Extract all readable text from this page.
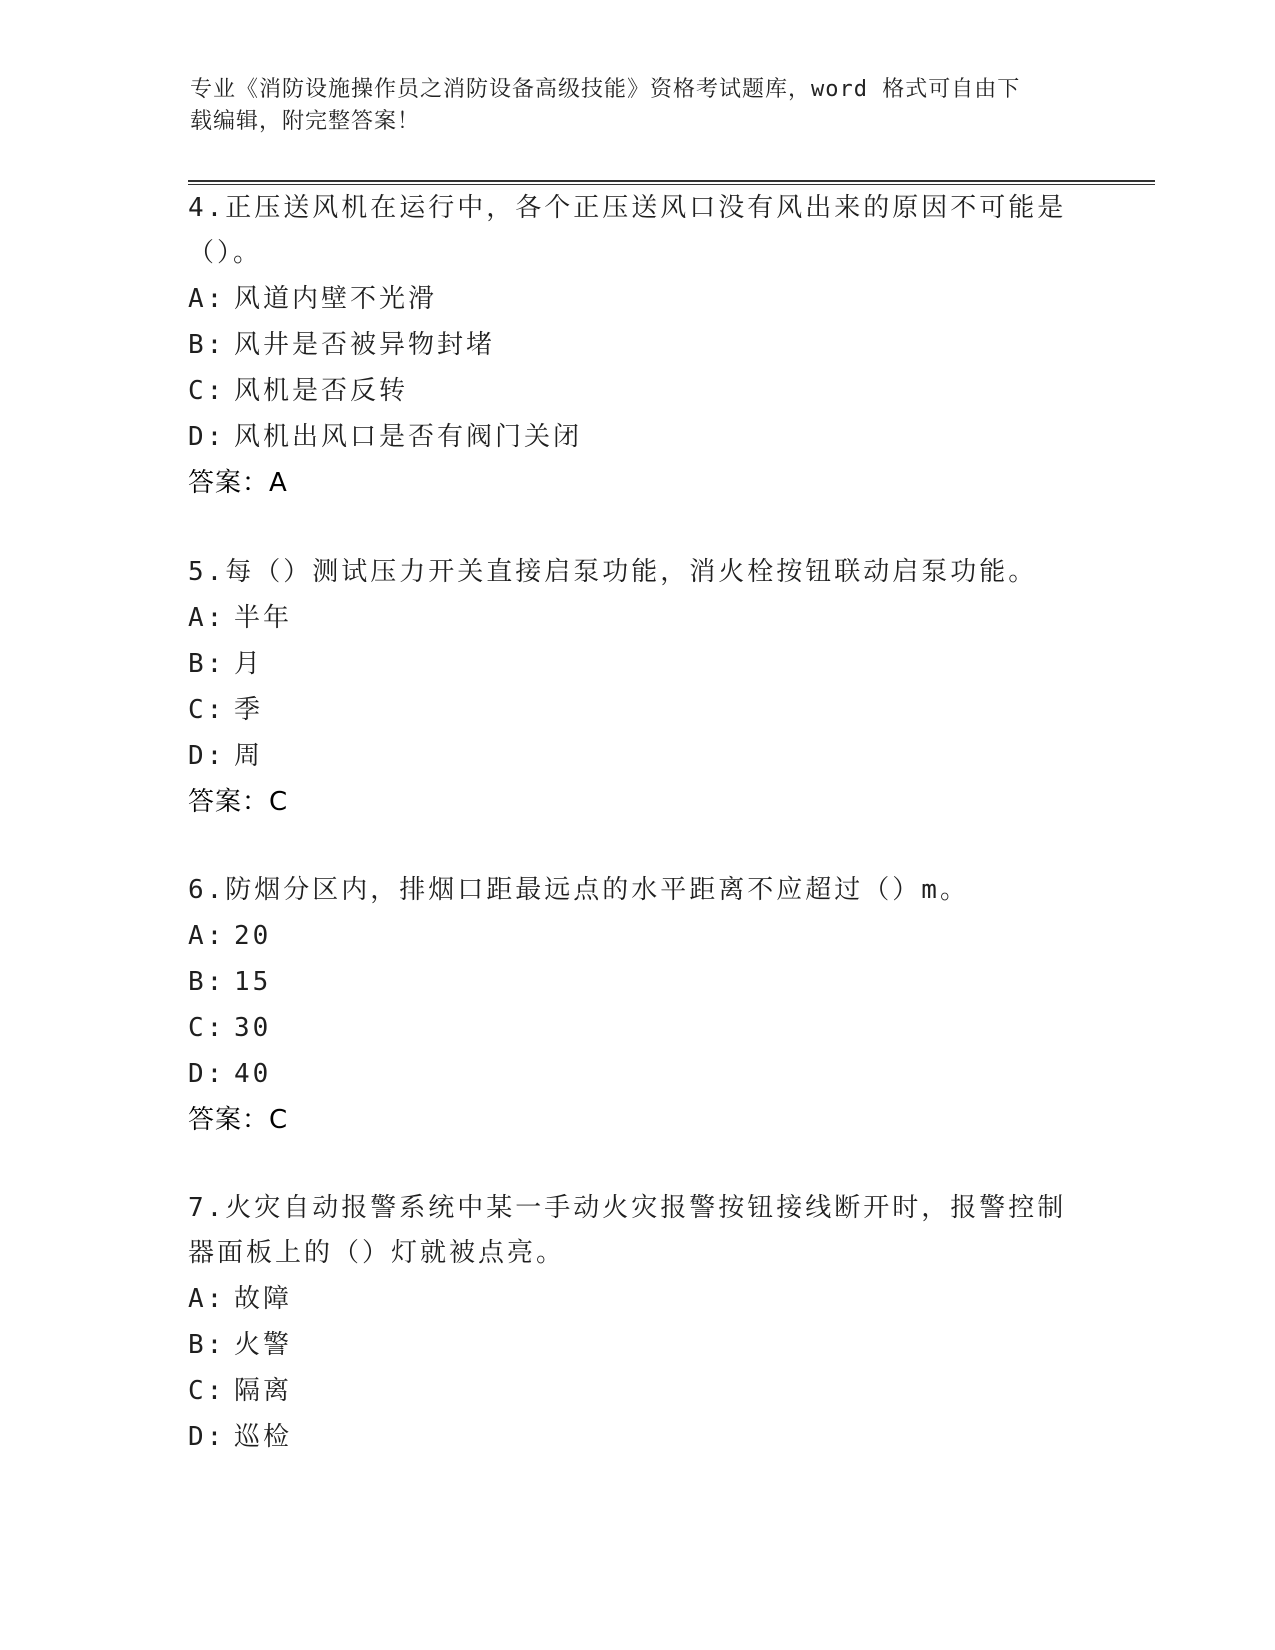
专业《消防设施操作员之消防设备高级技能》资格考试题库，word 格式可自由下
载编辑，附完整答案！
4.正压送风机在运行中，各个正压送风口没有风出来的原因不可能是
（）。
A: 风道内壁不光滑
B: 风井是否被异物封堵
C: 风机是否反转
D: 风机出风口是否有阀门关闭
答案：A
5.每（）测试压力开关直接启泵功能，消火栓按钮联动启泵功能。
A: 半年
B: 月
C: 季
D: 周
答案：C
6.防烟分区内，排烟口距最远点的水平距离不应超过（）m。
A: 20
B: 15
C: 30
D: 40
答案：C
7.火灾自动报警系统中某一手动火灾报警按钮接线断开时，报警控制
器面板上的（）灯就被点亮。
A: 故障
B: 火警
C: 隔离
D: 巡检
